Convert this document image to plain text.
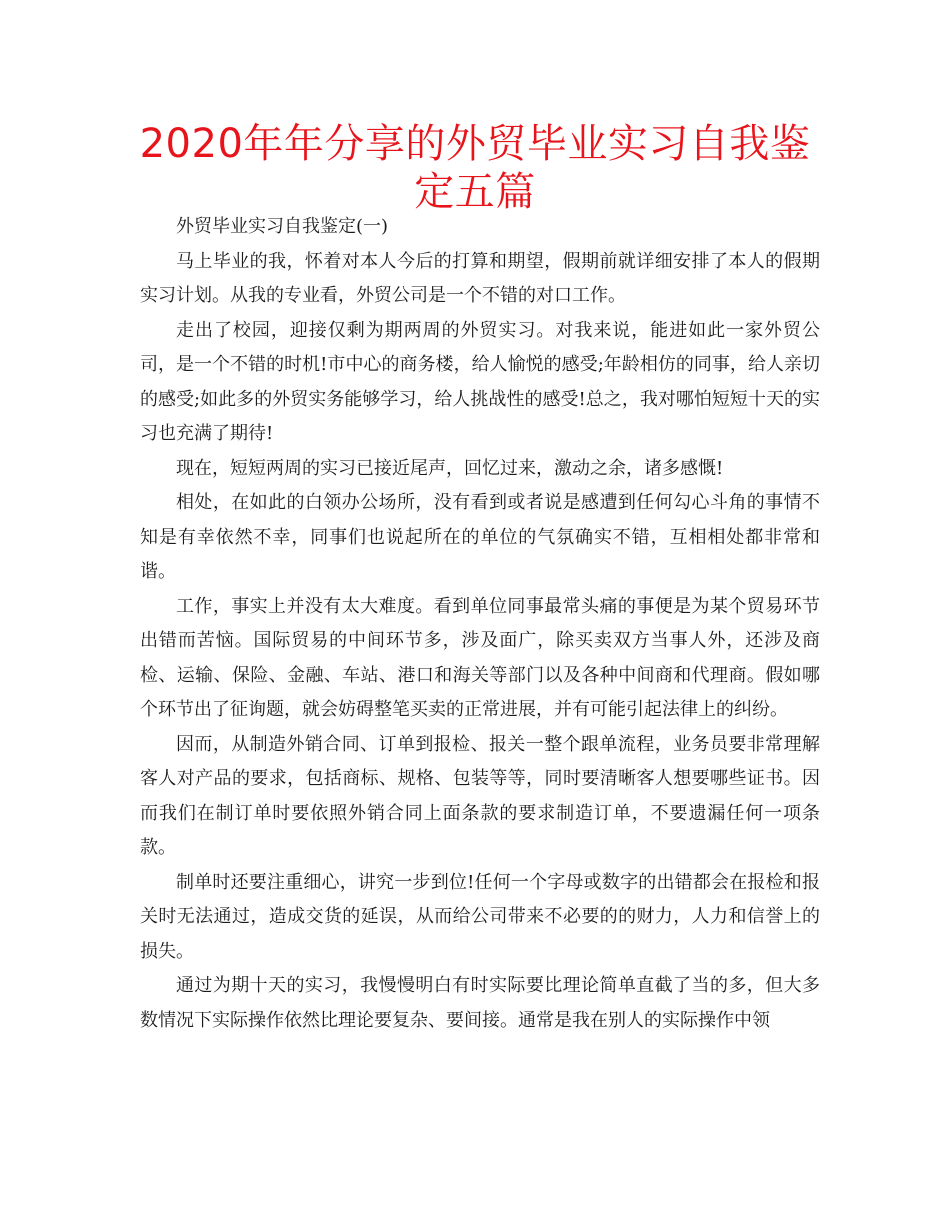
2020年年分享的外贸毕业实习自我鉴定五篇

外贸毕业实习自我鉴定(一)

马上毕业的我，怀着对本人今后的打算和期望，假期前就详细安排了本人的假期实习计划。从我的专业看，外贸公司是一个不错的对口工作。

走出了校园，迎接仅剩为期两周的外贸实习。对我来说，能进如此一家外贸公司，是一个不错的时机!市中心的商务楼，给人愉悦的感受;年龄相仿的同事，给人亲切的感受;如此多的外贸实务能够学习，给人挑战性的感受!总之，我对哪怕短短十天的实习也充满了期待!

现在，短短两周的实习已接近尾声，回忆过来，激动之余，诸多感慨!

相处，在如此的白领办公场所，没有看到或者说是感遭到任何勾心斗角的事情不知是有幸依然不幸，同事们也说起所在的单位的气氛确实不错，互相相处都非常和谐。

工作，事实上并没有太大难度。看到单位同事最常头痛的事便是为某个贸易环节出错而苦恼。国际贸易的中间环节多，涉及面广，除买卖双方当事人外，还涉及商检、运输、保险、金融、车站、港口和海关等部门以及各种中间商和代理商。假如哪个环节出了征询题，就会妨碍整笔买卖的正常进展，并有可能引起法律上的纠纷。

因而，从制造外销合同、订单到报检、报关一整个跟单流程，业务员要非常理解客人对产品的要求，包括商标、规格、包装等等，同时要清晰客人想要哪些证书。因而我们在制订单时要依照外销合同上面条款的要求制造订单，不要遗漏任何一项条款。

制单时还要注重细心，讲究一步到位!任何一个字母或数字的出错都会在报检和报关时无法通过，造成交货的延误，从而给公司带来不必要的的财力，人力和信誉上的损失。

通过为期十天的实习，我慢慢明白有时实际要比理论简单直截了当的多，但大多数情况下实际操作依然比理论要复杂、要间接。通常是我在别人的实际操作中领
